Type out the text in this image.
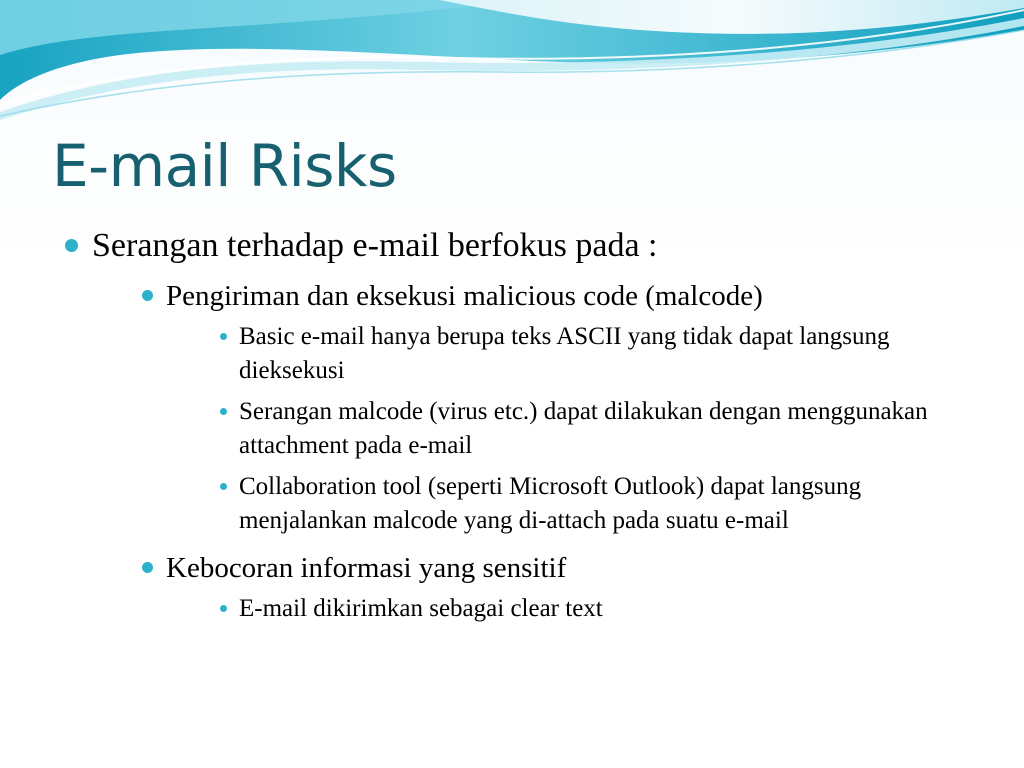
E-mail Risks
Serangan terhadap e-mail berfokus pada :
Pengiriman dan eksekusi malicious code (malcode)
Basic e-mail hanya berupa teks ASCII yang tidak dapat langsung dieksekusi
Serangan malcode (virus etc.) dapat dilakukan dengan menggunakan attachment pada e-mail
Collaboration tool (seperti Microsoft Outlook) dapat langsung menjalankan malcode yang di-attach pada suatu e-mail
Kebocoran informasi yang sensitif
E-mail dikirimkan sebagai clear text
